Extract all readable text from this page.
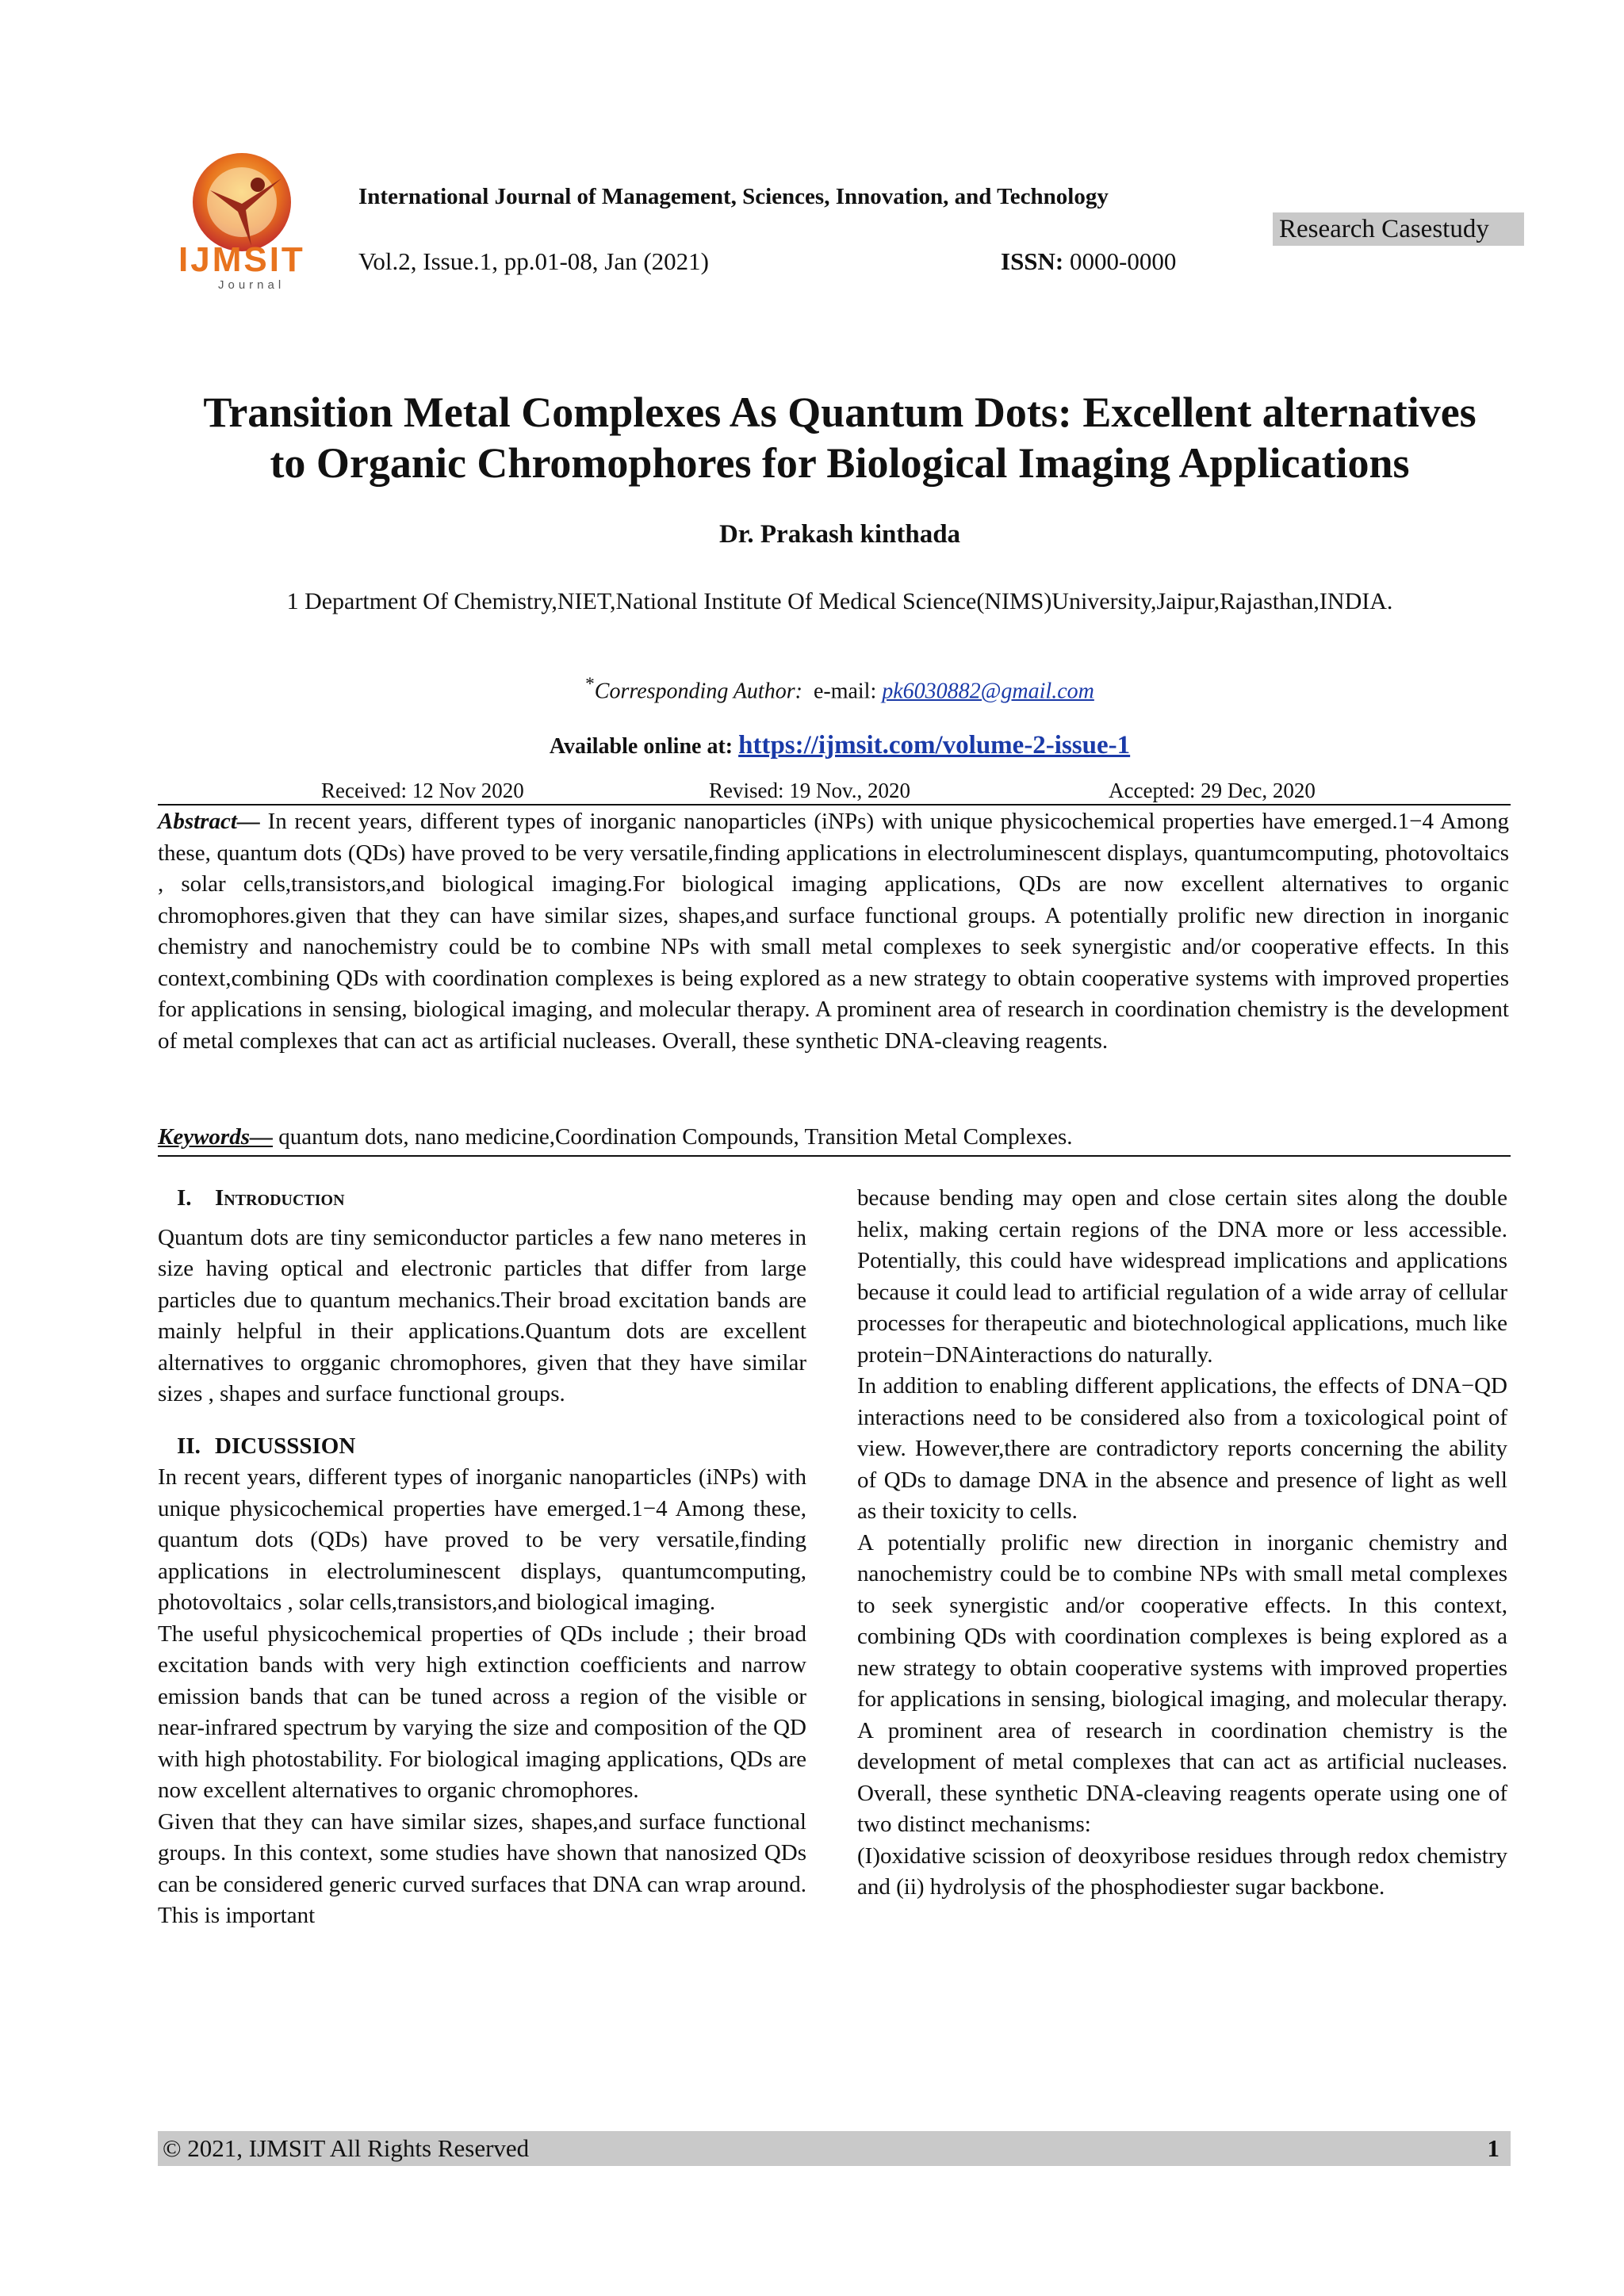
IJMSIT
Journal
International Journal of Management, Sciences, Innovation, and Technology
Research Casestudy
Vol.2, Issue.1, pp.01-08, Jan (2021)	ISSN: 0000-0000
Transition Metal Complexes As Quantum Dots: Excellent alternatives
to Organic Chromophores for Biological Imaging Applications
Dr. Prakash kinthada
1 Department Of Chemistry,NIET,National Institute Of Medical Science(NIMS)University,Jaipur,Rajasthan,INDIA.
*Corresponding Author: e-mail: pk6030882@gmail.com
Available online at: https://ijmsit.com/volume-2-issue-1
Received: 12 Nov 2020	Revised: 19 Nov., 2020	Accepted: 29 Dec, 2020
Abstract— In recent years, different types of inorganic nanoparticles (iNPs) with unique physicochemical properties have emerged.1−4 Among these, quantum dots (QDs) have proved to be very versatile,finding applications in electroluminescent displays, quantumcomputing, photovoltaics , solar cells,transistors,and biological imaging.For biological imaging applications, QDs are now excellent alternatives to organic chromophores.given that they can have similar sizes, shapes,and surface functional groups. A potentially prolific new direction in inorganic chemistry and nanochemistry could be to combine NPs with small metal complexes to seek synergistic and/or cooperative effects. In this context,combining QDs with coordination complexes is being explored as a new strategy to obtain cooperative systems with improved properties for applications in sensing, biological imaging, and molecular therapy. A prominent area of research in coordination chemistry is the development of metal complexes that can act as artificial nucleases. Overall, these synthetic DNA-cleaving reagents.
Keywords— quantum dots, nano medicine,Coordination Compounds, Transition Metal Complexes.

I. Introduction

Quantum dots are tiny semiconductor particles a few nano meteres in size having optical and electronic particles that differ from large particles due to quantum mechanics.Their broad excitation bands are mainly helpful in their applications.Quantum dots are excellent alternatives to orgganic chromophores, given that they have similar sizes , shapes and surface functional groups.

II. DICUSSSION

In recent years, different types of inorganic nanoparticles (iNPs) with unique physicochemical properties have emerged.1−4 Among these, quantum dots (QDs) have proved to be very versatile,finding applications in electroluminescent displays, quantumcomputing, photovoltaics , solar cells,transistors,and biological imaging.

The useful physicochemical properties of QDs include ; their broad excitation bands with very high extinction coefficients and narrow emission bands that can be tuned across a region of the visible or near-infrared spectrum by varying the size and composition of the QD with high photostability. For biological imaging applications, QDs are now excellent alternatives to organic chromophores.

Given that they can have similar sizes, shapes,and surface functional groups. In this context, some studies have shown that nanosized QDs can be considered generic curved surfaces that DNA can wrap around. This is important

because bending may open and close certain sites along the double helix, making certain regions of the DNA more or less accessible. Potentially, this could have widespread implications and applications because it could lead to artificial regulation of a wide array of cellular processes for therapeutic and biotechnological applications, much like protein−DNAinteractions do naturally.

In addition to enabling different applications, the effects of DNA−QD interactions need to be considered also from a toxicological point of view. However,there are contradictory reports concerning the ability of QDs to damage DNA in the absence and presence of light as well as their toxicity to cells.

A potentially prolific new direction in inorganic chemistry and nanochemistry could be to combine NPs with small metal complexes to seek synergistic and/or cooperative effects. In this context, combining QDs with coordination complexes is being explored as a new strategy to obtain cooperative systems with improved properties for applications in sensing, biological imaging, and molecular therapy. A prominent area of research in coordination chemistry is the development of metal complexes that can act as artificial nucleases. Overall, these synthetic DNA-cleaving reagents operate using one of two distinct mechanisms:

(I)oxidative scission of deoxyribose residues through redox chemistry and (ii) hydrolysis of the phosphodiester sugar backbone.

© 2021, IJMSIT All Rights Reserved	1
